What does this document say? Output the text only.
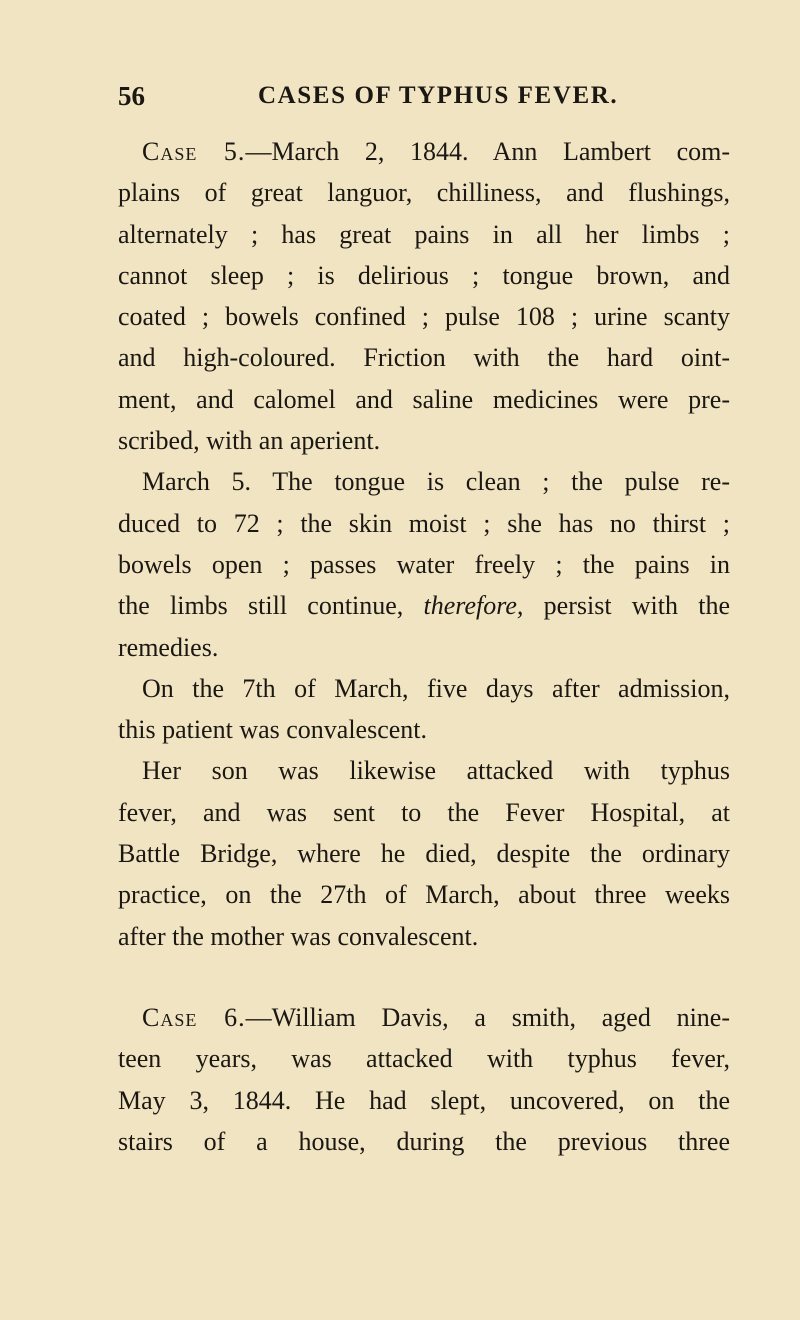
56	CASES OF TYPHUS FEVER.
Case 5.—March 2, 1844. Ann Lambert com-
plains of great languor, chilliness, and flushings,
alternately ; has great pains in all her limbs ;
cannot sleep ; is delirious ; tongue brown, and
coated ; bowels confined ; pulse 108 ; urine scanty
and high-coloured. Friction with the hard oint-
ment, and calomel and saline medicines were pre-
scribed, with an aperient.
March 5. The tongue is clean ; the pulse re-
duced to 72 ; the skin moist ; she has no thirst ;
bowels open ; passes water freely ; the pains in
the limbs still continue, therefore, persist with the
remedies.
On the 7th of March, five days after admission,
this patient was convalescent.
Her son was likewise attacked with typhus
fever, and was sent to the Fever Hospital, at
Battle Bridge, where he died, despite the ordinary
practice, on the 27th of March, about three weeks
after the mother was convalescent.
Case 6.—William Davis, a smith, aged nine-
teen years, was attacked with typhus fever,
May 3, 1844. He had slept, uncovered, on the
stairs of a house, during the previous three
